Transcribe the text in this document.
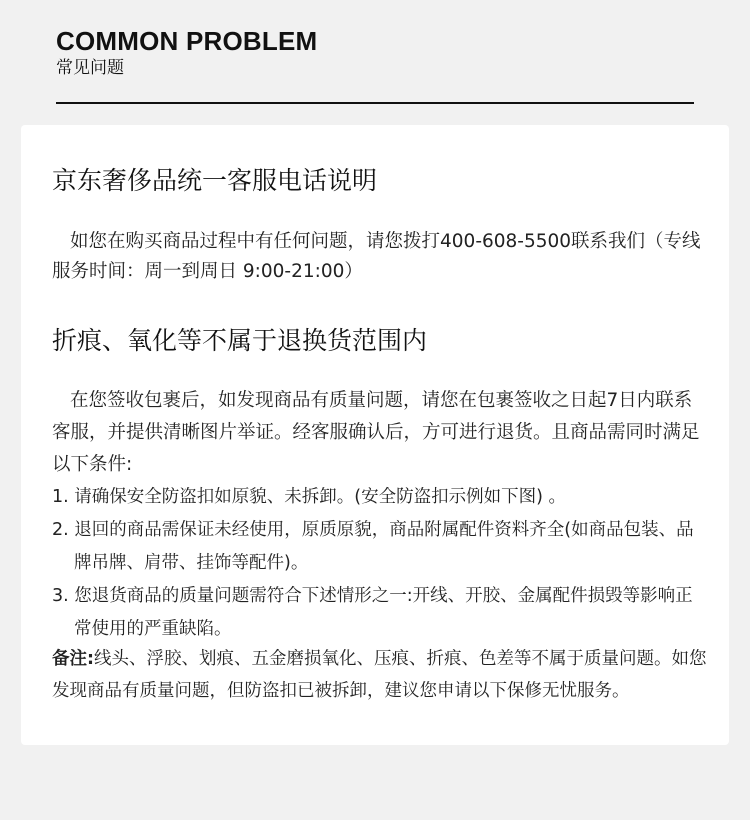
COMMON PROBLEM

常见问题

京东奢侈品统一客服电话说明

如您在购买商品过程中有任何问题，请您拨打400-608-5500联系我们（专线服务时间：周一到周日 9:00-21:00）

折痕、氧化等不属于退换货范围内

在您签收包裹后，如发现商品有质量问题，请您在包裹签收之日起7日内联系客服，并提供清晰图片举证。经客服确认后，方可进行退货。且商品需同时满足以下条件:

1. 请确保安全防盗扣如原貌、未拆卸。(安全防盗扣示例如下图) 。
2. 退回的商品需保证未经使用，原质原貌，商品附属配件资料齐全(如商品包装、品牌吊牌、肩带、挂饰等配件)。
3. 您退货商品的质量问题需符合下述情形之一:开线、开胶、金属配件损毁等影响正常使用的严重缺陷。

备注:线头、浮胶、划痕、五金磨损氧化、压痕、折痕、色差等不属于质量问题。如您发现商品有质量问题，但防盗扣已被拆卸，建议您申请以下保修无忧服务。
